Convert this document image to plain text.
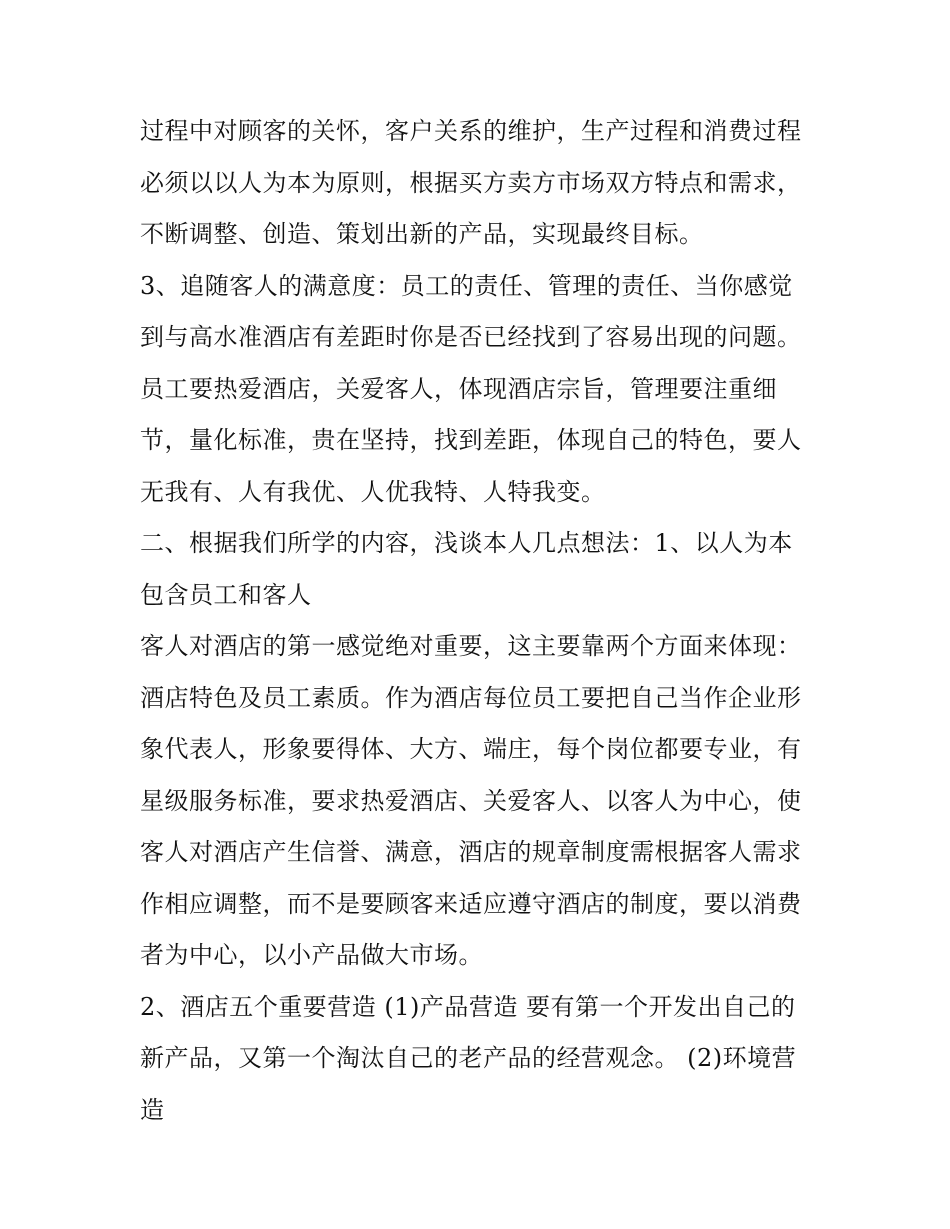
过程中对顾客的关怀，客户关系的维护，生产过程和消费过程
必须以以人为本为原则，根据买方卖方市场双方特点和需求，
不断调整、创造、策划出新的产品，实现最终目标。
3、追随客人的满意度：员工的责任、管理的责任、当你感觉
到与高水准酒店有差距时你是否已经找到了容易出现的问题。
员工要热爱酒店，关爱客人，体现酒店宗旨，管理要注重细
节，量化标准，贵在坚持，找到差距，体现自己的特色，要人
无我有、人有我优、人优我特、人特我变。
二、根据我们所学的内容，浅谈本人几点想法：1、以人为本
包含员工和客人
客人对酒店的第一感觉绝对重要，这主要靠两个方面来体现：
酒店特色及员工素质。作为酒店每位员工要把自己当作企业形
象代表人，形象要得体、大方、端庄，每个岗位都要专业，有
星级服务标准，要求热爱酒店、关爱客人、以客人为中心，使
客人对酒店产生信誉、满意，酒店的规章制度需根据客人需求
作相应调整，而不是要顾客来适应遵守酒店的制度，要以消费
者为中心，以小产品做大市场。
2、酒店五个重要营造 (1)产品营造 要有第一个开发出自己的
新产品，又第一个淘汰自己的老产品的经营观念。 (2)环境营
造
